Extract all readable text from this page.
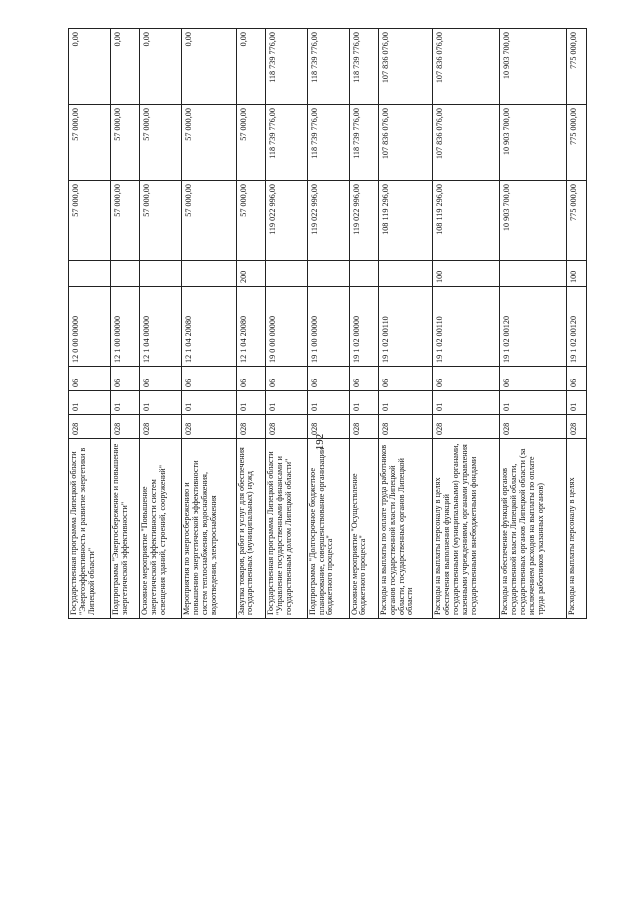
192
Государственная программа Липецкой области "Энергоэффективность и развитие энергетики в Липецкой области"	028	01	06	12 0 00 00000		57 000,00	57 000,00	0,00
Подпрограмма "Энергосбережение и повышение энергетической эффективности"	028	01	06	12 1 00 00000		57 000,00	57 000,00	0,00
Основное мероприятие "Повышение энергетической эффективности систем освещения зданий, строений, сооружений"	028	01	06	12 1 04 00000		57 000,00	57 000,00	0,00
Мероприятия по энергосбережению и повышению энергетической эффективности систем теплоснабжения, водоснабжения, водоотведения, электроснабжения	028	01	06	12 1 04 20080		57 000,00	57 000,00	0,00
Закупка товаров, работ и услуг для обеспечения государственных (муниципальных) нужд	028	01	06	12 1 04 20080	200	57 000,00	57 000,00	0,00
Государственная программа Липецкой области "Управление государственными финансами и государственным долгом Липецкой области"	028	01	06	19 0 00 00000		119 022 996,00	118 739 776,00	118 739 776,00
Подпрограмма "Долгосрочное бюджетное планирование, совершенствование организации бюджетного процесса"	028	01	06	19 1 00 00000		119 022 996,00	118 739 776,00	118 739 776,00
Основное мероприятие "Осуществление бюджетного процесса"	028	01	06	19 1 02 00000		119 022 996,00	118 739 776,00	118 739 776,00
Расходы на выплаты по оплате труда работников органов государственной власти Липецкой области, государственных органов Липецкой области	028	01	06	19 1 02 00110		108 119 296,00	107 836 076,00	107 836 076,00
Расходы на выплаты персоналу в целях обеспечения выполнения функций государственными (муниципальными) органами, казенными учреждениями, органами управления государственными внебюджетными фондами	028	01	06	19 1 02 00110	100	108 119 296,00	107 836 076,00	107 836 076,00
Расходы на обеспечение функций органов государственной власти Липецкой области, государственных органов Липецкой области (за исключением расходов на выплаты по оплате труда работников указанных органов)	028	01	06	19 1 02 00120		10 903 700,00	10 903 700,00	10 903 700,00
Расходы на выплаты персоналу в целях	028	01	06	19 1 02 00120	100	775 000,00	775 000,00	775 000,00
